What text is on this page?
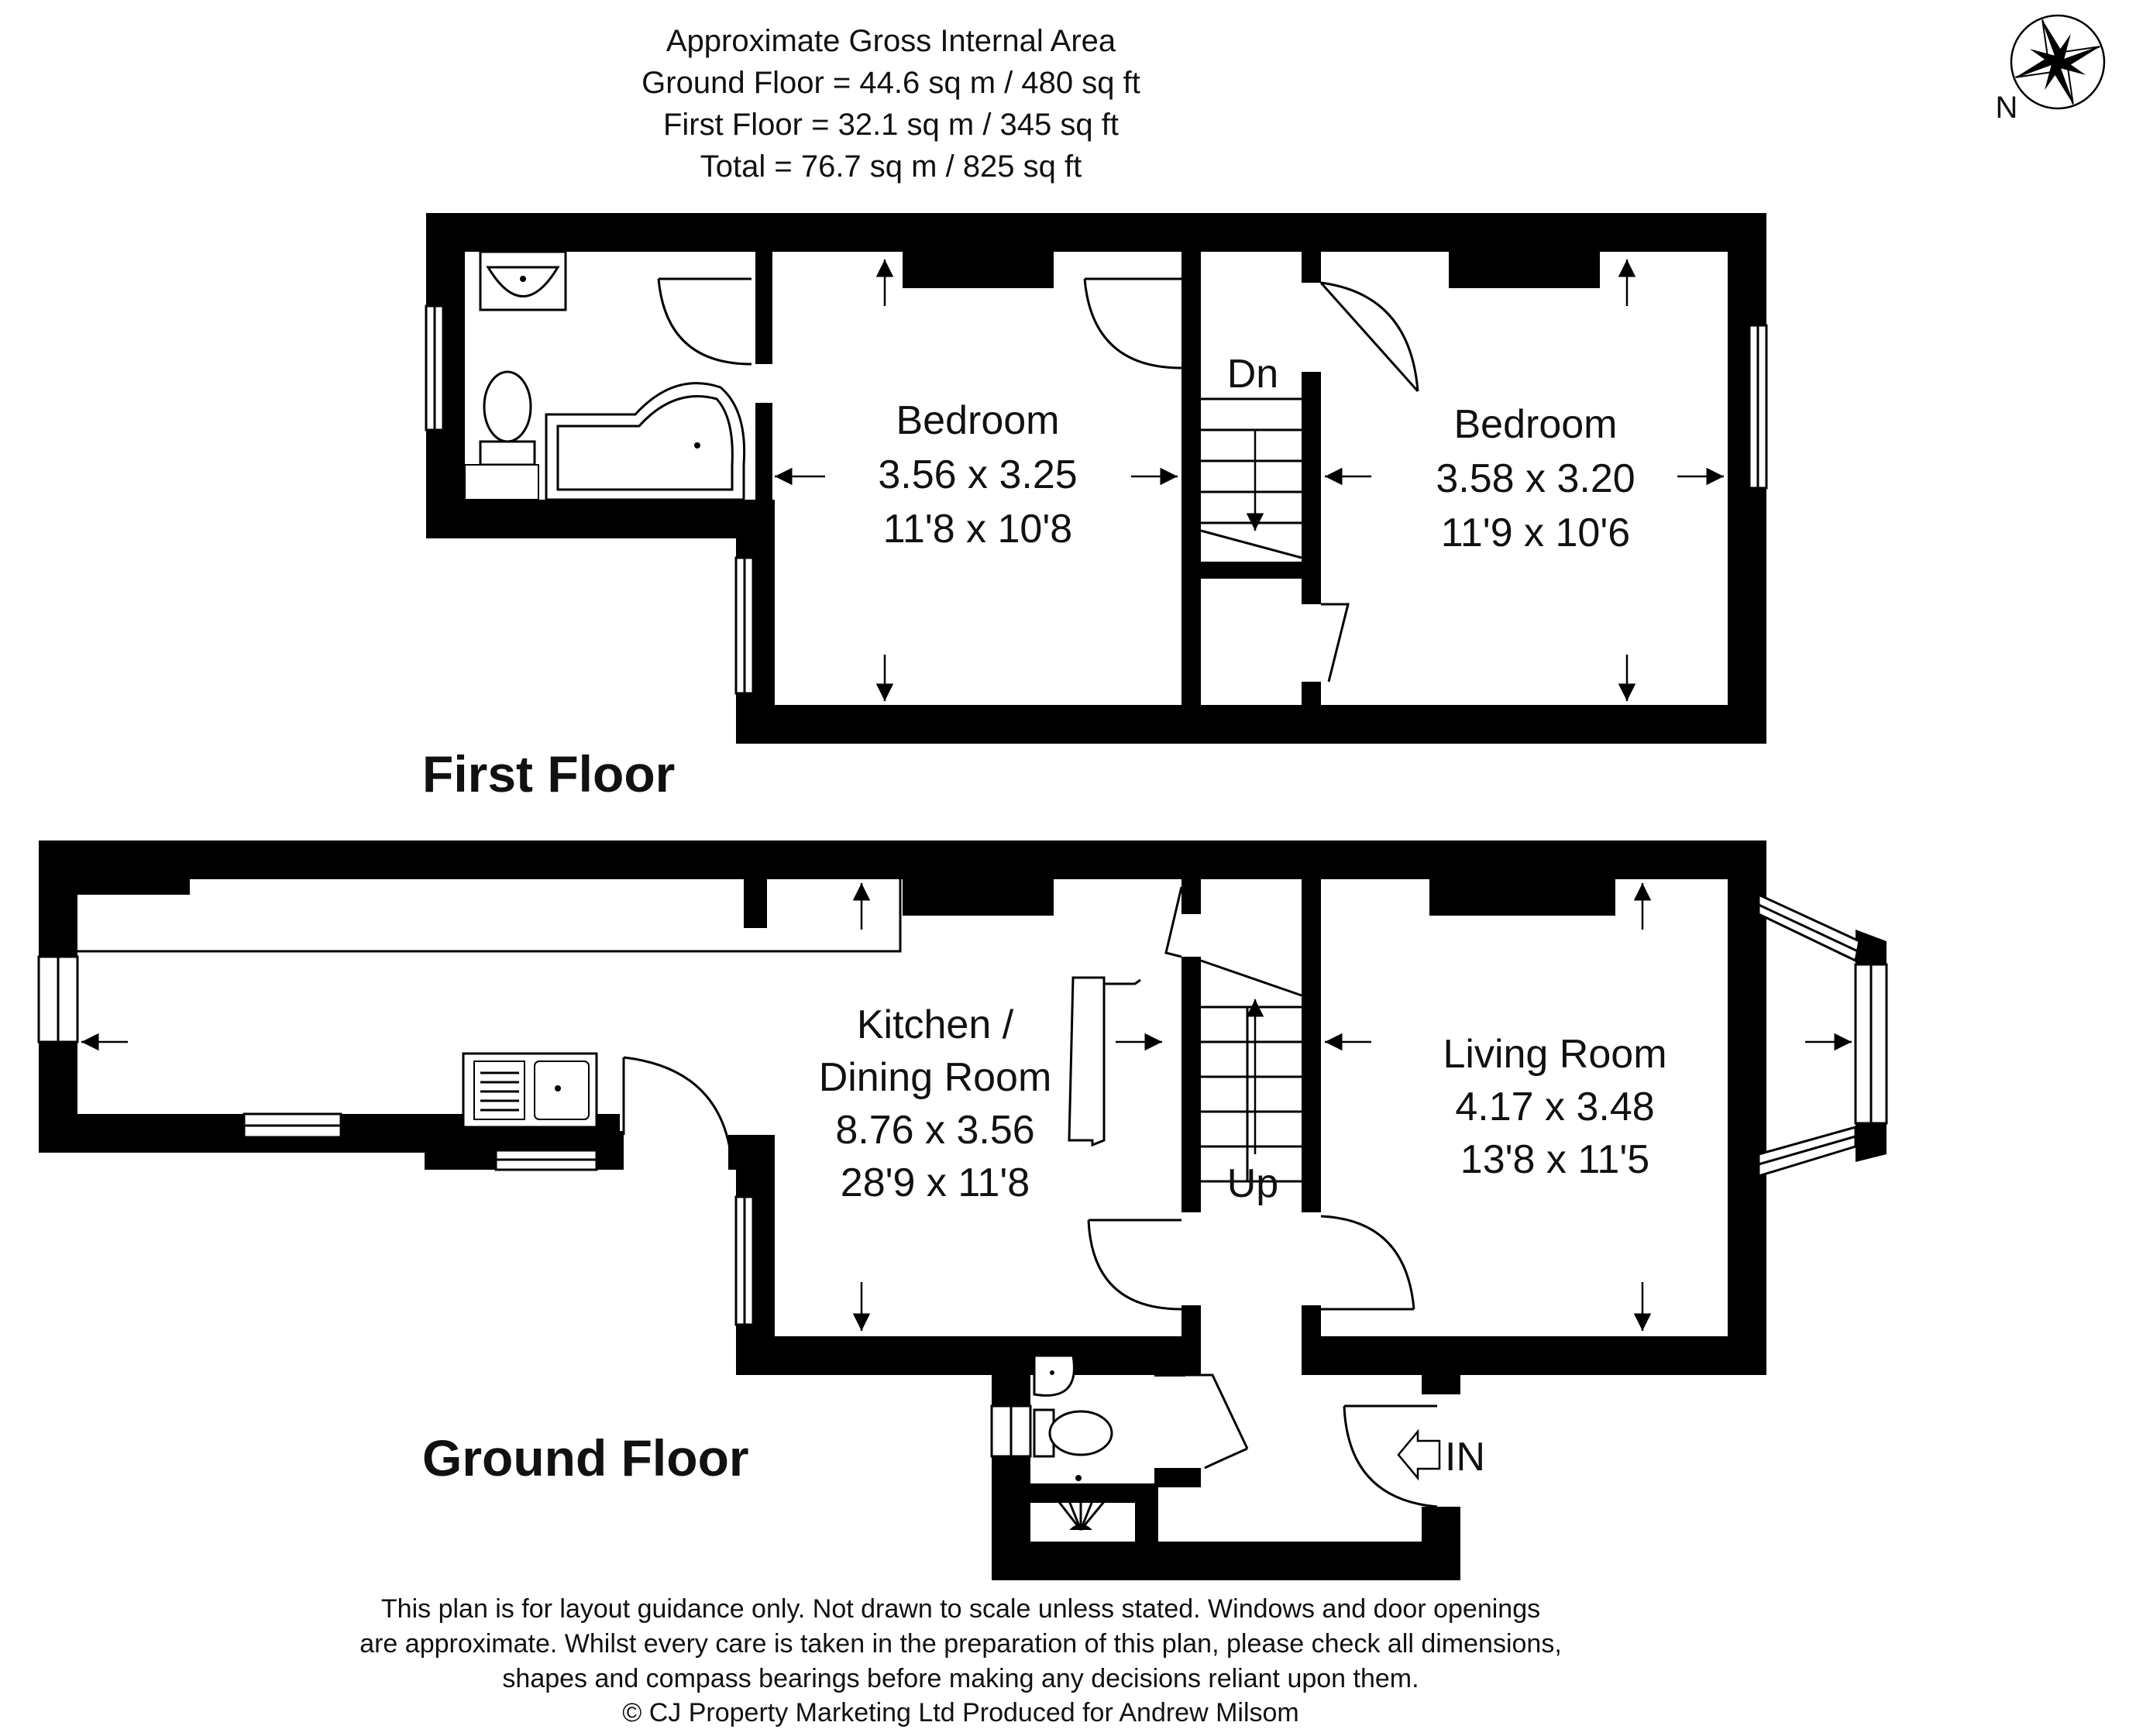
Approximate Gross Internal Area
Ground Floor = 44.6 sq m / 480 sq ft
First Floor = 32.1 sq m / 345 sq ft
Total = 76.7 sq m / 825 sq ft
N
Dn
Bedroom
3.56 x 3.25
11'8 x 10'8
Bedroom
3.58 x 3.20
11'9 x 10'6
First Floor
Up
IN
Kitchen /
Dining Room
8.76 x 3.56
28'9 x 11'8
Living Room
4.17 x 3.48
13'8 x 11'5
Ground Floor
This plan is for layout guidance only. Not drawn to scale unless stated. Windows and door openings
are approximate. Whilst every care is taken in the preparation of this plan, please check all dimensions,
shapes and compass bearings before making any decisions reliant upon them.
© CJ Property Marketing Ltd Produced for Andrew Milsom
